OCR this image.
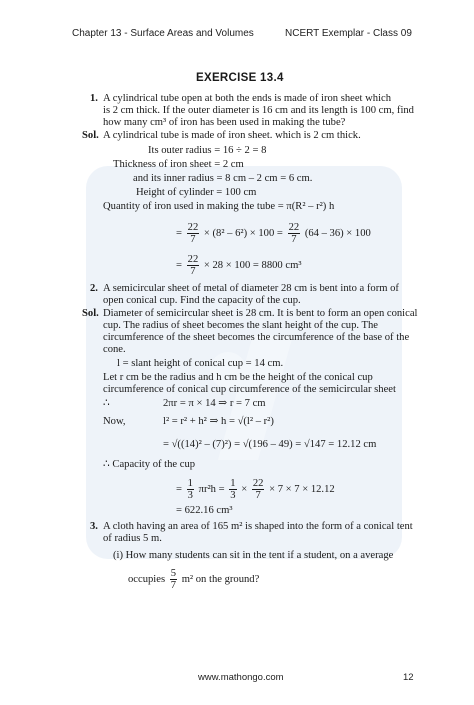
Chapter 13 - Surface Areas and Volumes	NCERT Exemplar - Class 09
EXERCISE 13.4
1. A cylindrical tube open at both the ends is made of iron sheet which
is 2 cm thick. If the outer diameter is 16 cm and its length is 100 cm, find
how many cm³ of iron has been used in making the tube?
Sol. A cylindrical tube is made of iron sheet. which is 2 cm thick.
Its outer radius = 16 ÷ 2 = 8
Thickness of iron sheet = 2 cm
and its inner radius = 8 cm – 2 cm = 6 cm.
Height of cylinder = 100 cm
Quantity of iron used in making the tube = π(R² – r²) h
= $\frac{22}{7} \times (8^2 - 6^2) \times 100 = \frac{22}{7} (64 - 36) \times 100$
= $\frac{22}{7} \times 28 \times 100 = 8800$ cm³
2. A semicircular sheet of metal of diameter 28 cm is bent into a form of
open conical cup. Find the capacity of the cup.
Sol. Diameter of semicircular sheet is 28 cm. It is bent to form an open conical
cup. The radius of sheet becomes the slant height of the cup. The
circumference of the sheet becomes the circumference of the base of the
cone.
l = slant height of conical cup = 14 cm.
Let r cm be the radius and h cm be the height of the conical cup
circumference of conical cup circumference of the semicircular sheet
∴	2πr = π × 14 ⇒ r = 7 cm
Now,	l² = r² + h² ⇒ h = √(l² – r²)
= √((14)² – (7)²) = √(196 – 49) = √147 = 12.12 cm
∴ Capacity of the cup
= $\frac{1}{3} \pi r^2h = \frac{1}{3} \times \frac{22}{7} \times 7 \times 7 \times 12.12$
= 622.16 cm³
3. A cloth having an area of 165 m² is shaped into the form of a conical tent
of radius 5 m.
(i) How many students can sit in the tent if a student, on a average
occupies $\frac{5}{7} m^2$ on the ground?
www.mathongo.com	12
